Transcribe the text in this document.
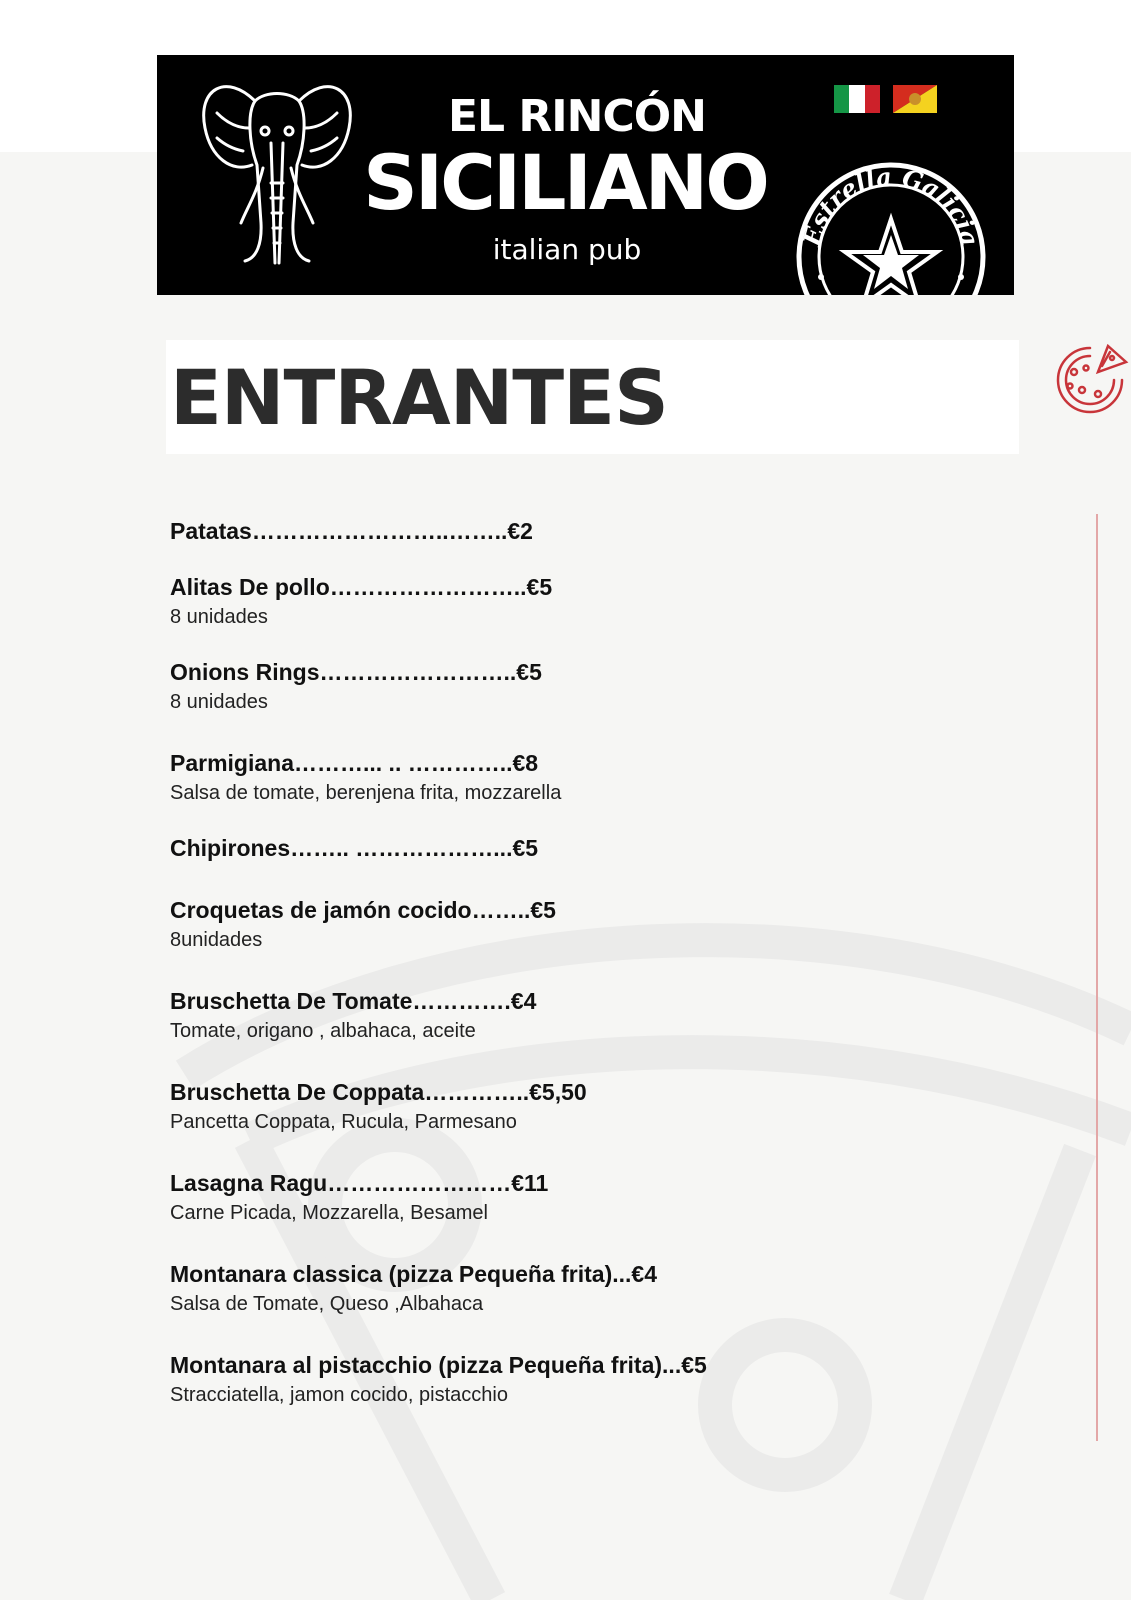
EL RINCÓN
SICILIANO
italian pub	Estrella Galicia
ENTRANTES
Patatas……………………..……..€2
Alitas De pollo……………………..€5
8 unidades
Onions Rings……………………..€5
8 unidades
Parmigiana………... .. …………..€8
Salsa de tomate, berenjena frita, mozzarella
Chipirones…….. ………………...€5
Croquetas de jamón cocido……..€5
8unidades
Bruschetta De Tomate………….€4
Tomate, origano , albahaca, aceite
Bruschetta De Coppata…………..€5,50
Pancetta Coppata, Rucula, Parmesano
Lasagna Ragu……………………€11
Carne Picada, Mozzarella, Besamel
Montanara classica (pizza Pequeña frita)...€4
Salsa de Tomate, Queso ,Albahaca
Montanara al pistacchio (pizza Pequeña frita)...€5
Stracciatella, jamon cocido, pistacchio
